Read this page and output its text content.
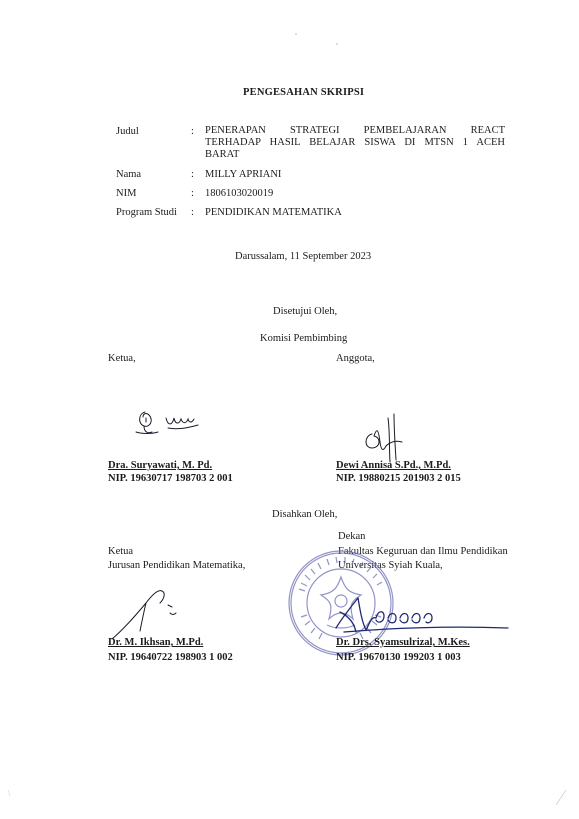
PENGESAHAN SKRIPSI
Judul	: PENERAPAN STRATEGI PEMBELAJARAN REACT
TERHADAP HASIL BELAJAR SISWA DI MTSN 1 ACEH
BARAT
Nama	: MILLY APRIANI
NIM	: 1806103020019
Program Studi : PENDIDIKAN MATEMATIKA
Darussalam, 11 September 2023
Disetujui Oleh,
Komisi Pembimbing
Ketua,	Anggota,
Dra. Suryawati, M. Pd.
NIP. 19630717 198703 2 001
Dewi Annisa S.Pd., M.Pd.
NIP. 19880215 201903 2 015
Disahkan Oleh,
Dekan
Fakultas Keguruan dan Ilmu Pendidikan
Universitas Syiah Kuala,
Ketua
Jurusan Pendidikan Matematika,
Dr. M. Ikhsan, M.Pd.
NIP. 19640722 198903 1 002
Dr. Drs. Syamsulrizal, M.Kes.
NIP. 19670130 199203 1 003
